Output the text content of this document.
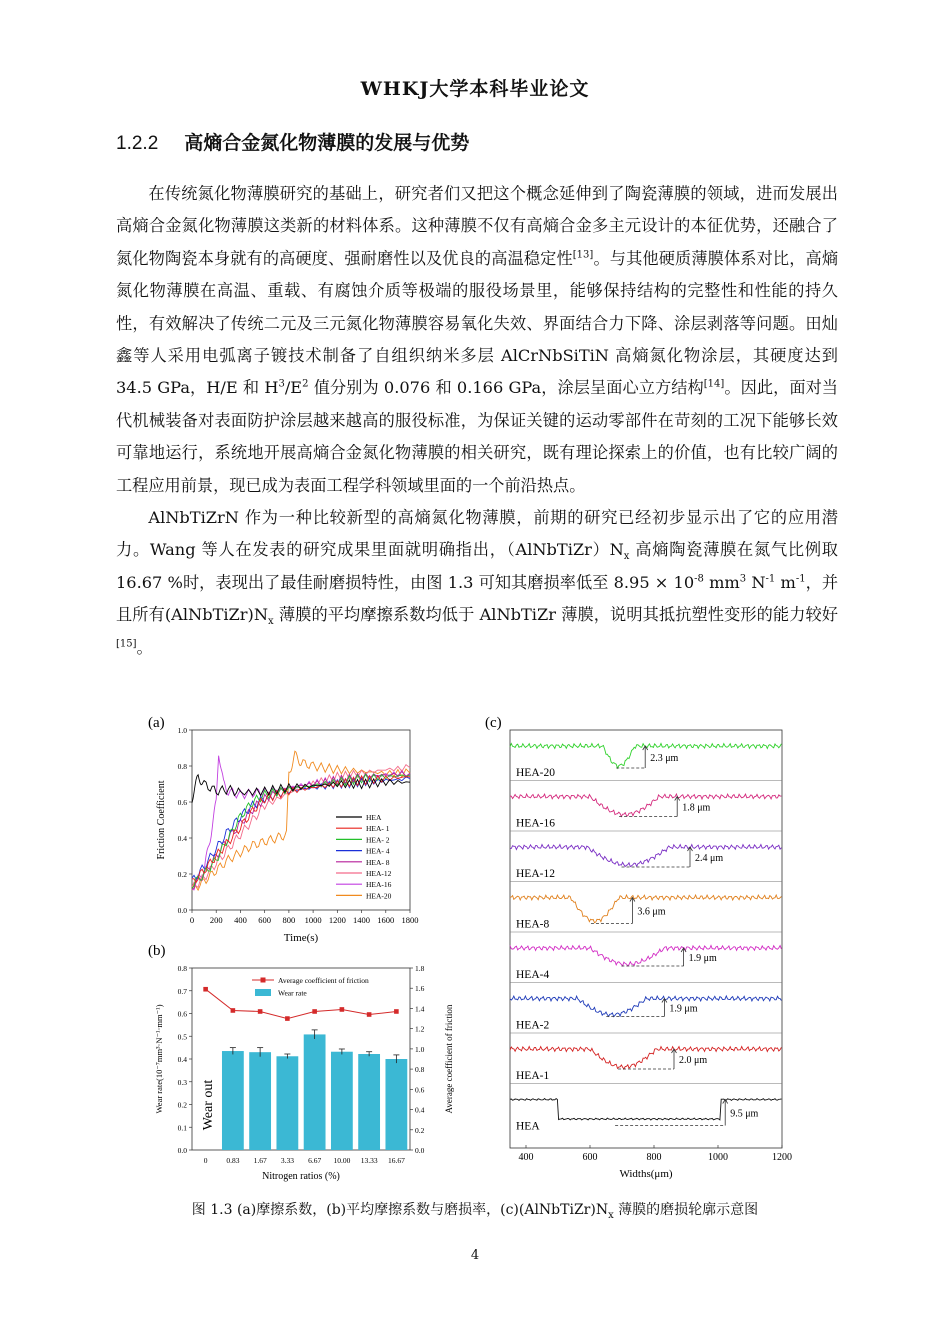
WHKJ大学本科毕业论文
1.2.2 高熵合金氮化物薄膜的发展与优势

在传统氮化物薄膜研究的基础上，研究者们又把这个概念延伸到了陶瓷薄膜的领域，进而发展出高熵合金氮化物薄膜这类新的材料体系。这种薄膜不仅有高熵合金多主元设计的本征优势，还融合了氮化物陶瓷本身就有的高硬度、强耐磨性以及优良的高温稳定性[13]。与其他硬质薄膜体系对比，高熵氮化物薄膜在高温、重载、有腐蚀介质等极端的服役场景里，能够保持结构的完整性和性能的持久性，有效解决了传统二元及三元氮化物薄膜容易氧化失效、界面结合力下降、涂层剥落等问题。田灿鑫等人采用电弧离子镀技术制备了自组织纳米多层 AlCrNbSiTiN 高熵氮化物涂层，其硬度达到 34.5 GPa，H/E 和 $H^3/E^2$ 值分别为 0.076 和 0.166 GPa，涂层呈面心立方结构[14]。因此，面对当代机械装备对表面防护涂层越来越高的服役标准，为保证关键的运动零部件在苛刻的工况下能够长效可靠地运行，系统地开展高熵合金氮化物薄膜的相关研究，既有理论探索上的价值，也有比较广阔的工程应用前景，现已成为表面工程学科领域里面的一个前沿热点。

AlNbTiZrN 作为一种比较新型的高熵氮化物薄膜，前期的研究已经初步显示出了它的应用潜力。Wang 等人在发表的研究成果里面就明确指出，$(AlNbTiZr)N_x$ 高熵陶瓷薄膜在氮气比例取 16.67 %时，表现出了最佳耐磨损特性，由图 1.3 可知其磨损率低至 $8.95 \times 10^{-8}$ $mm^3$ $N^{-1}$ $m^{-1}$，并且所有$(AlNbTiZr)N_x$ 薄膜的平均摩擦系数均低于 AlNbTiZr 薄膜，说明其抵抗塑性变形的能力较好[15]。

(a)
0 200 400 600 800 1000 1200 1400 1600 1800
0.0
0.2
0.4
0.6
0.8
1.0
HEA
HEA- 1
HEA- 2
HEA- 4
HEA- 8
HEA-12
HEA-16
HEA-20
Time(s)
Friction Coefficient
(b)
0.0
0.1
0.2
0.3
0.4
0.5
0.6
0.7
0.8
0.0
0.2
0.4
0.6
0.8
1.0
1.2
1.4
1.6
1.8
0	0.83 1.67 3.33 6.67 10.00 13.33 16.67
Average coefficient of friction
Wear rate
Wear out
Nitrogen ratios (%)
Wear rate(10⁻⁷mm³·N⁻¹·mm⁻¹)	Average coefficient of friction
(c)
HEA-20
2.3 μm
HEA-16
1.8 μm
HEA-12
2.4 μm
HEA-8
3.6 μm
HEA-4
1.9 μm
HEA-2
1.9 μm
HEA-1
2.0 μm
HEA
9.5 μm
400	600	800	1000	1200
Widths(μm)
图 1.3 (a)摩擦系数，(b)平均摩擦系数与磨损率，$(c)(AlNbTiZr)N_x$ 薄膜的磨损轮廓示意图
4
